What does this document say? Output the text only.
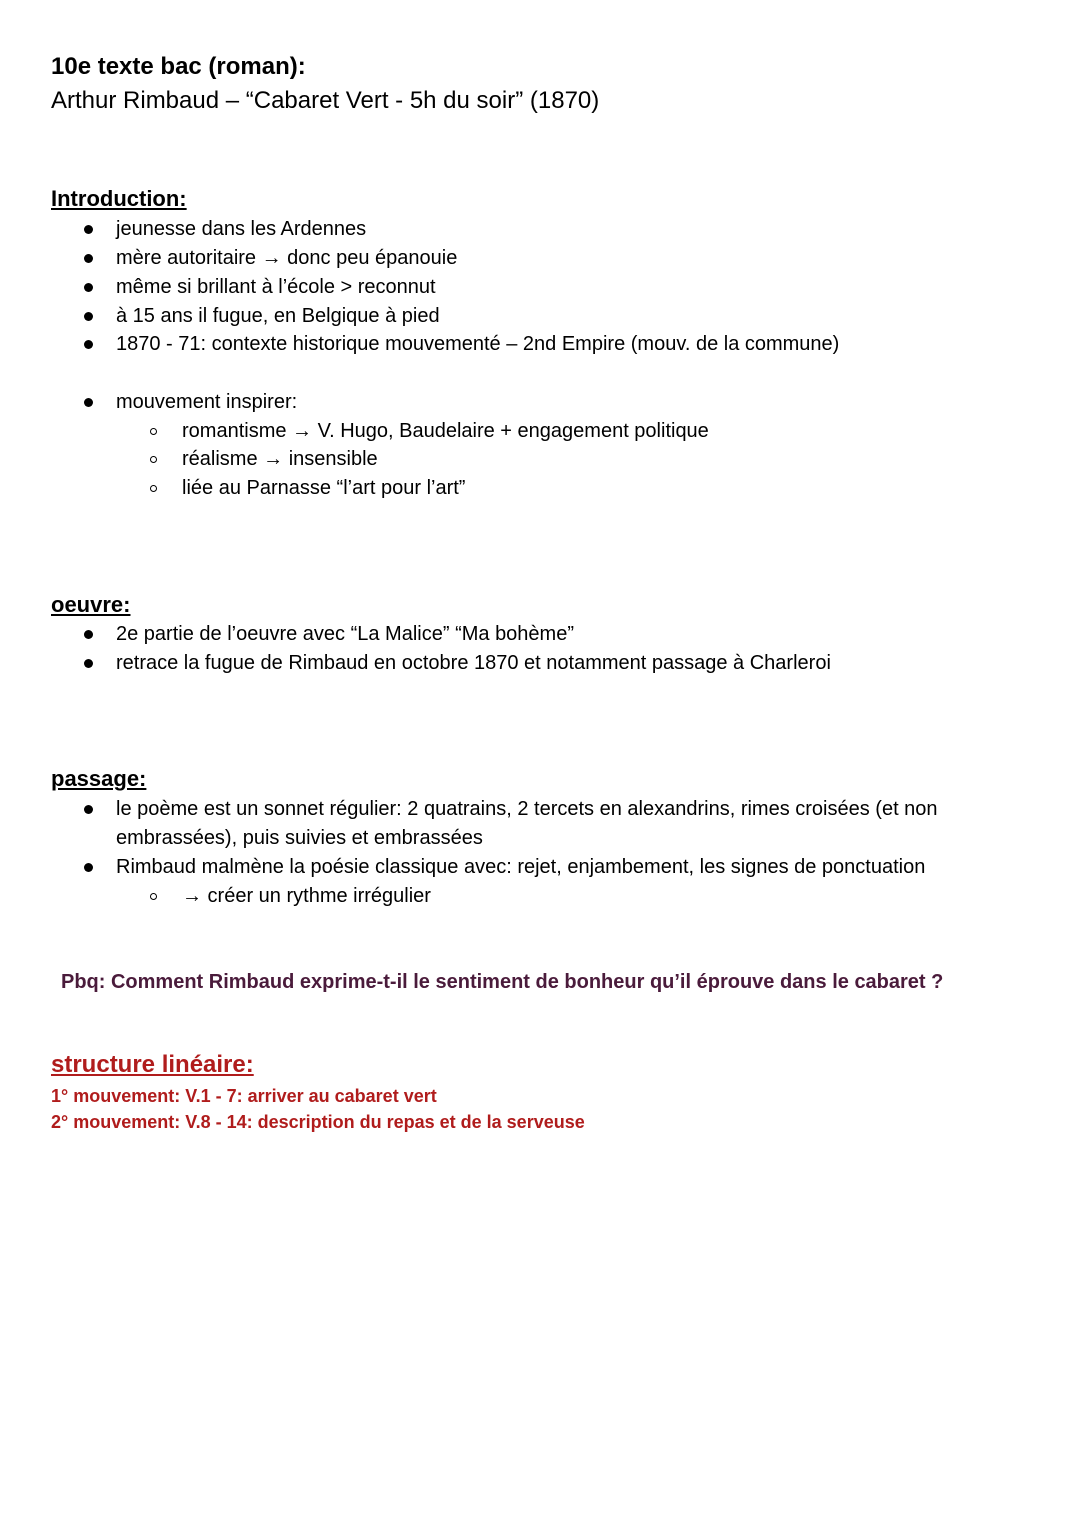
10e texte bac (roman):
Arthur Rimbaud – “Cabaret Vert - 5h du soir” (1870)
Introduction:
jeunesse dans les Ardennes
mère autoritaire → donc peu épanouie
même si brillant à l’école > reconnut
à 15 ans il fugue, en Belgique à pied
1870 - 71: contexte historique mouvementé – 2nd Empire (mouv. de la commune)
mouvement inspirer:
romantisme → V. Hugo, Baudelaire + engagement politique
réalisme → insensible
liée au Parnasse “l’art pour l’art”
oeuvre:
2e partie de l’oeuvre avec “La Malice” “Ma bohème”
retrace la fugue de Rimbaud en octobre 1870 et notamment passage à Charleroi
passage:
le poème est un sonnet régulier: 2 quatrains, 2 tercets en alexandrins, rimes croisées (et non embrassées), puis suivies et embrassées
Rimbaud malmène la poésie classique avec: rejet, enjambement, les signes de ponctuation
→ créer un rythme irrégulier
Pbq: Comment Rimbaud exprime-t-il le sentiment de bonheur qu’il éprouve dans le cabaret ?
structure linéaire:
1° mouvement: V.1 - 7: arriver au cabaret vert
2° mouvement: V.8 - 14: description du repas et de la serveuse
